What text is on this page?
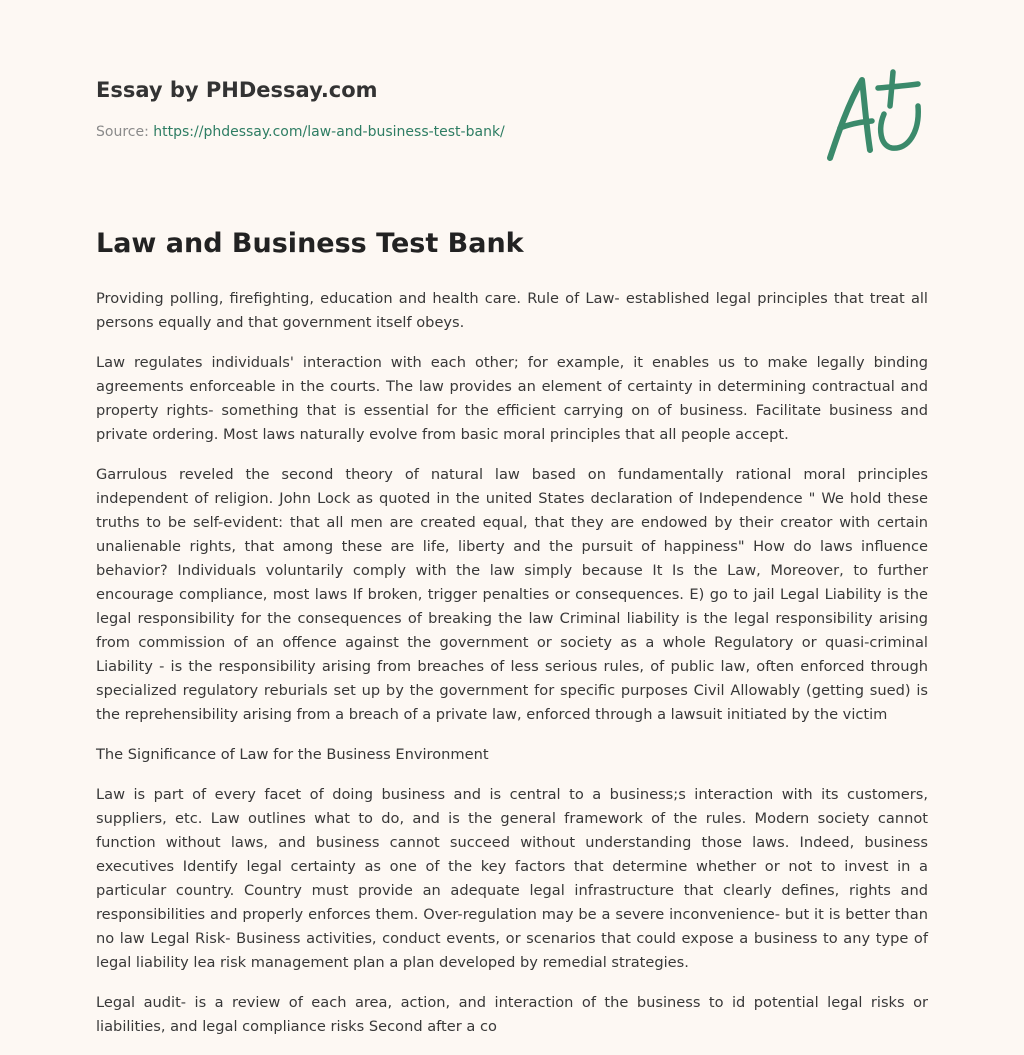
Essay by PHDessay.com
Source: https://phdessay.com/law-and-business-test-bank/
Law and Business Test Bank

Providing polling, firefighting, education and health care. Rule of Law- established legal principles that treat all persons equally and that government itself obeys.

Law regulates individuals' interaction with each other; for example, it enables us to make legally binding agreements enforceable in the courts. The law provides an element of certainty in determining contractual and property rights- something that is essential for the efficient carrying on of business. Facilitate business and private ordering. Most laws naturally evolve from basic moral principles that all people accept.

Garrulous reveled the second theory of natural law based on fundamentally rational moral principles independent of religion. John Lock as quoted in the united States declaration of Independence " We hold these truths to be self-evident: that all men are created equal, that they are endowed by their creator with certain unalienable rights, that among these are life, liberty and the pursuit of happiness" How do laws influence behavior? Individuals voluntarily comply with the law simply because It Is the Law, Moreover, to further encourage compliance, most laws If broken, trigger penalties or consequences. E) go to jail Legal Liability is the legal responsibility for the consequences of breaking the law Criminal liability is the legal responsibility arising from commission of an offence against the government or society as a whole Regulatory or quasi-criminal Liability - is the responsibility arising from breaches of less serious rules, of public law, often enforced through specialized regulatory reburials set up by the government for specific purposes Civil Allowably (getting sued) is the reprehensibility arising from a breach of a private law, enforced through a lawsuit initiated by the victim

The Significance of Law for the Business Environment

Law is part of every facet of doing business and is central to a business;s interaction with its customers, suppliers, etc. Law outlines what to do, and is the general framework of the rules. Modern society cannot function without laws, and business cannot succeed without understanding those laws. Indeed, business executives Identify legal certainty as one of the key factors that determine whether or not to invest in a particular country. Country must provide an adequate legal infrastructure that clearly defines, rights and responsibilities and properly enforces them. Over-regulation may be a severe inconvenience- but it is better than no law Legal Risk- Business activities, conduct events, or scenarios that could expose a business to any type of legal liability lea risk management plan a plan developed by remedial strategies.

Legal audit- is a review of each area, action, and interaction of the business to id potential legal risks or liabilities, and legal compliance risks Second after a co
